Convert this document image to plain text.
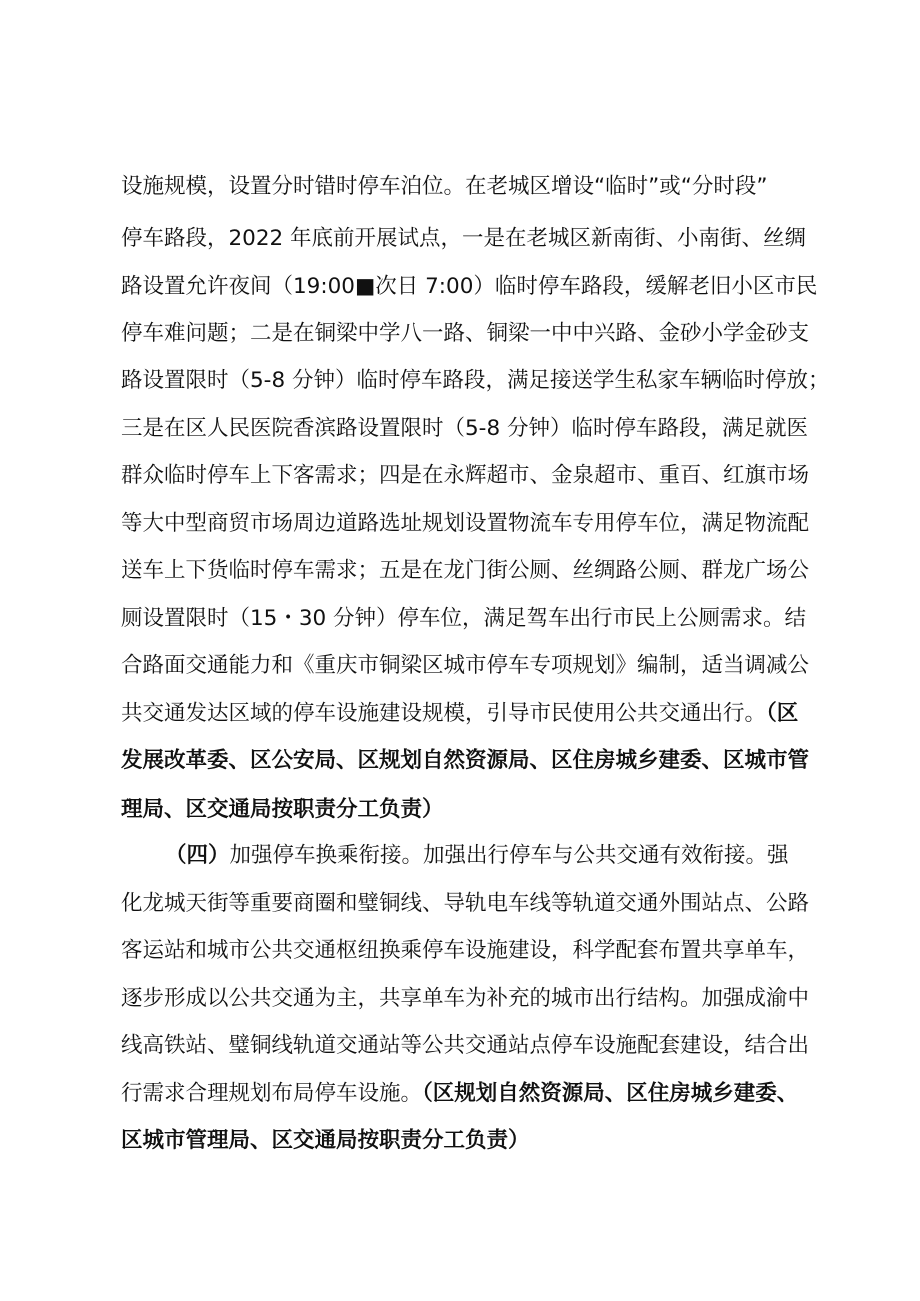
设施规模，设置分时错时停车泊位。在老城区增设“临时”或“分时段”
停车路段，2022 年底前开展试点，一是在老城区新南街、小南街、丝绸
路设置允许夜间（19:00■次日 7:00）临时停车路段，缓解老旧小区市民
停车难问题；二是在铜梁中学八一路、铜梁一中中兴路、金砂小学金砂支
路设置限时（5-8 分钟）临时停车路段，满足接送学生私家车辆临时停放；
三是在区人民医院香滨路设置限时（5-8 分钟）临时停车路段，满足就医
群众临时停车上下客需求；四是在永辉超市、金泉超市、重百、红旗市场
等大中型商贸市场周边道路选址规划设置物流车专用停车位，满足物流配
送车上下货临时停车需求；五是在龙门街公厕、丝绸路公厕、群龙广场公
厕设置限时（15・30 分钟）停车位，满足驾车出行市民上公厕需求。结
合路面交通能力和《重庆市铜梁区城市停车专项规划》编制，适当调减公
共交通发达区域的停车设施建设规模，引导市民使用公共交通出行。（区
发展改革委、区公安局、区规划自然资源局、区住房城乡建委、区城市管
理局、区交通局按职责分工负责）
（四）加强停车换乘衔接。加强出行停车与公共交通有效衔接。强
化龙城天街等重要商圈和璧铜线、导轨电车线等轨道交通外围站点、公路
客运站和城市公共交通枢纽换乘停车设施建设，科学配套布置共享单车，
逐步形成以公共交通为主，共享单车为补充的城市出行结构。加强成渝中
线高铁站、璧铜线轨道交通站等公共交通站点停车设施配套建设，结合出
行需求合理规划布局停车设施。（区规划自然资源局、区住房城乡建委、
区城市管理局、区交通局按职责分工负责）
